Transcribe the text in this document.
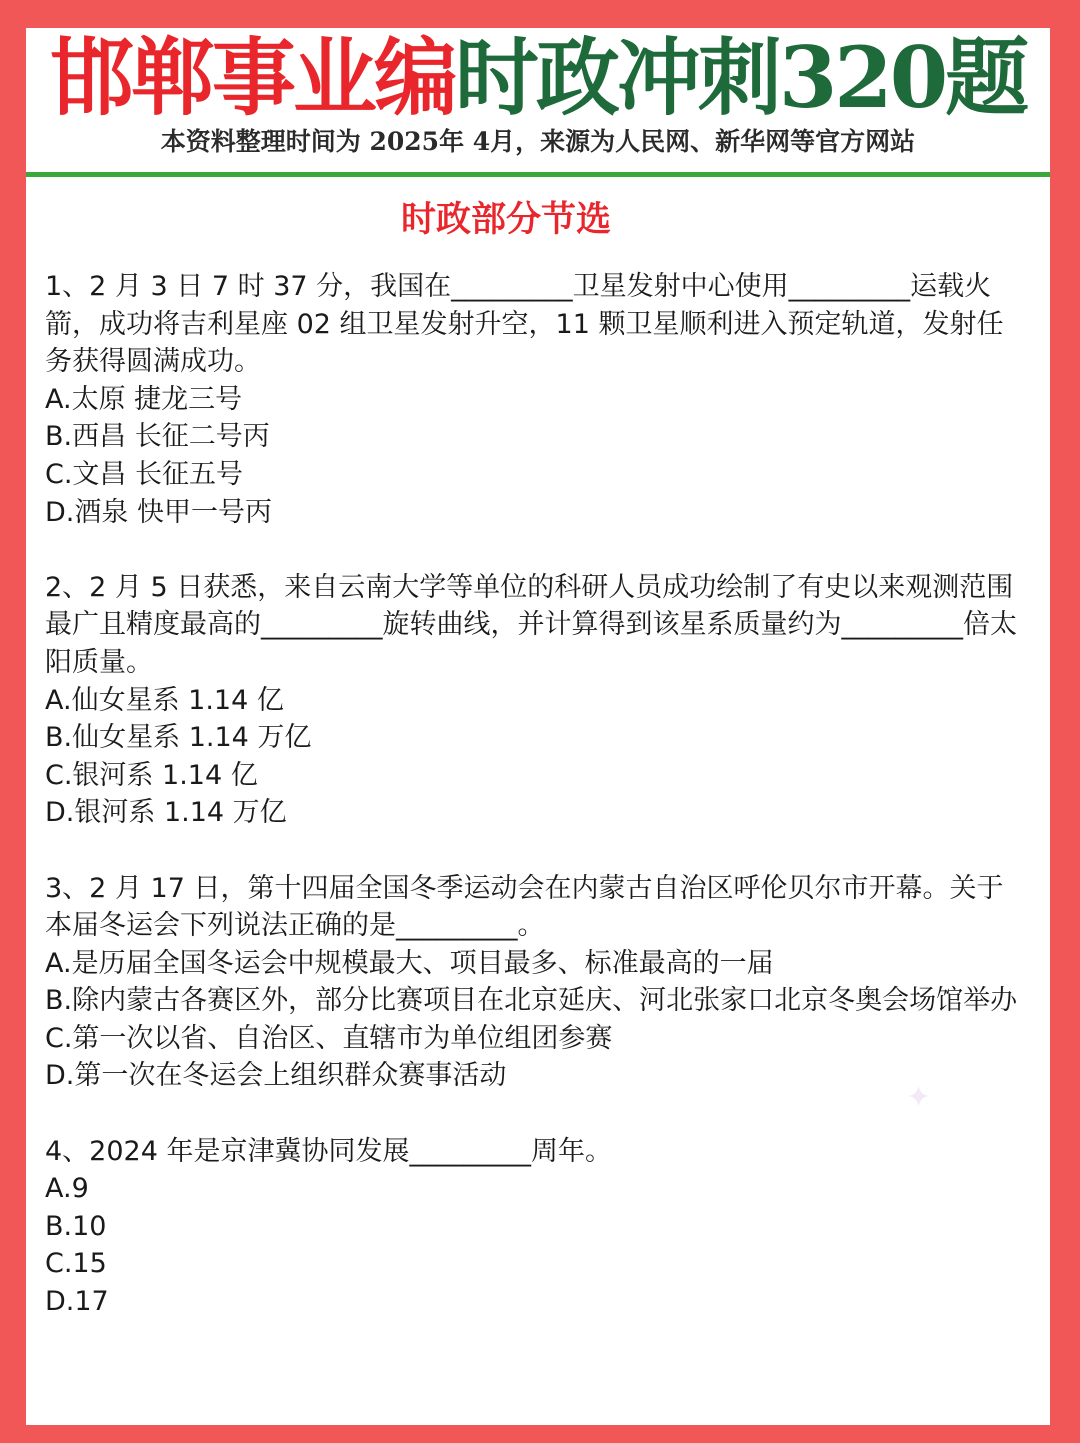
邯郸事业编时政冲刺320题
本资料整理时间为 2025年 4月，来源为人民网、新华网等官方网站
时政部分节选
1、2 月 3 日 7 时 37 分，我国在_________卫星发射中心使用_________运载火箭，成功将吉利星座 02 组卫星发射升空，11 颗卫星顺利进入预定轨道，发射任务获得圆满成功。
A.太原 捷龙三号
B.西昌 长征二号丙
C.文昌 长征五号
D.酒泉 快甲一号丙
2、2 月 5 日获悉，来自云南大学等单位的科研人员成功绘制了有史以来观测范围最广且精度最高的_________旋转曲线，并计算得到该星系质量约为_________倍太阳质量。
A.仙女星系 1.14 亿
B.仙女星系 1.14 万亿
C.银河系 1.14 亿
D.银河系 1.14 万亿
3、2 月 17 日，第十四届全国冬季运动会在内蒙古自治区呼伦贝尔市开幕。关于本届冬运会下列说法正确的是_________。
A.是历届全国冬运会中规模最大、项目最多、标准最高的一届
B.除内蒙古各赛区外，部分比赛项目在北京延庆、河北张家口北京冬奥会场馆举办
C.第一次以省、自治区、直辖市为单位组团参赛
D.第一次在冬运会上组织群众赛事活动
4、2024 年是京津冀协同发展_________周年。
A.9
B.10
C.15
D.17
✦
